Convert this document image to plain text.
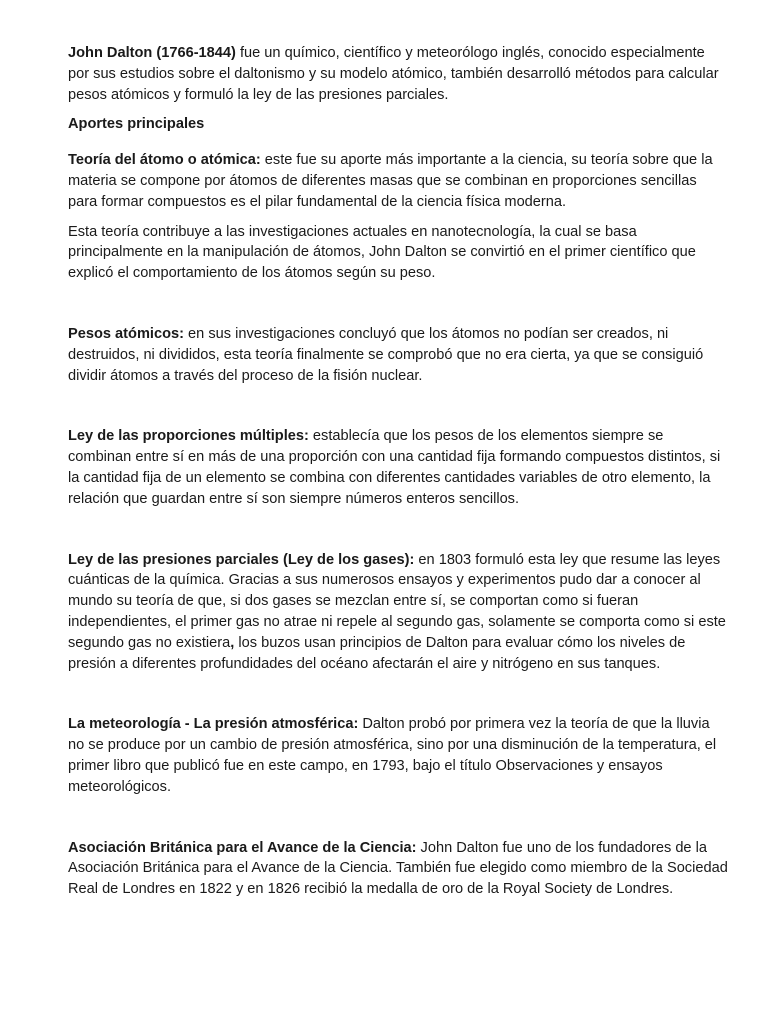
John Dalton (1766-1844) fue un químico, científico y meteorólogo inglés, conocido especialmente por sus estudios sobre el daltonismo y su modelo atómico, también desarrolló métodos para calcular pesos atómicos y formuló la ley de las presiones parciales.

Aportes principales

Teoría del átomo o atómica: este fue su aporte más importante a la ciencia, su teoría sobre que la materia se compone por átomos de diferentes masas que se combinan en proporciones sencillas para formar compuestos es el pilar fundamental de la ciencia física moderna.

Esta teoría contribuye a las investigaciones actuales en nanotecnología, la cual se basa principalmente en la manipulación de átomos, John Dalton se convirtió en el primer científico que explicó el comportamiento de los átomos según su peso.

Pesos atómicos: en sus investigaciones concluyó que los átomos no podían ser creados, ni destruidos, ni divididos, esta teoría finalmente se comprobó que no era cierta, ya que se consiguió dividir átomos a través del proceso de la fisión nuclear.

Ley de las proporciones múltiples: establecía que los pesos de los elementos siempre se combinan entre sí en más de una proporción con una cantidad fija formando compuestos distintos, si la cantidad fija de un elemento se combina con diferentes cantidades variables de otro elemento, la relación que guardan entre sí son siempre números enteros sencillos.

Ley de las presiones parciales (Ley de los gases): en 1803 formuló esta ley que resume las leyes cuánticas de la química. Gracias a sus numerosos ensayos y experimentos pudo dar a conocer al mundo su teoría de que, si dos gases se mezclan entre sí, se comportan como si fueran independientes, el primer gas no atrae ni repele al segundo gas, solamente se comporta como si este segundo gas no existiera, los buzos usan principios de Dalton para evaluar cómo los niveles de presión a diferentes profundidades del océano afectarán el aire y nitrógeno en sus tanques.

La meteorología - La presión atmosférica: Dalton probó por primera vez la teoría de que la lluvia no se produce por un cambio de presión atmosférica, sino por una disminución de la temperatura, el primer libro que publicó fue en este campo, en 1793, bajo el título Observaciones y ensayos meteorológicos.

Asociación Británica para el Avance de la Ciencia: John Dalton fue uno de los fundadores de la Asociación Británica para el Avance de la Ciencia. También fue elegido como miembro de la Sociedad Real de Londres en 1822 y en 1826 recibió la medalla de oro de la Royal Society de Londres.
